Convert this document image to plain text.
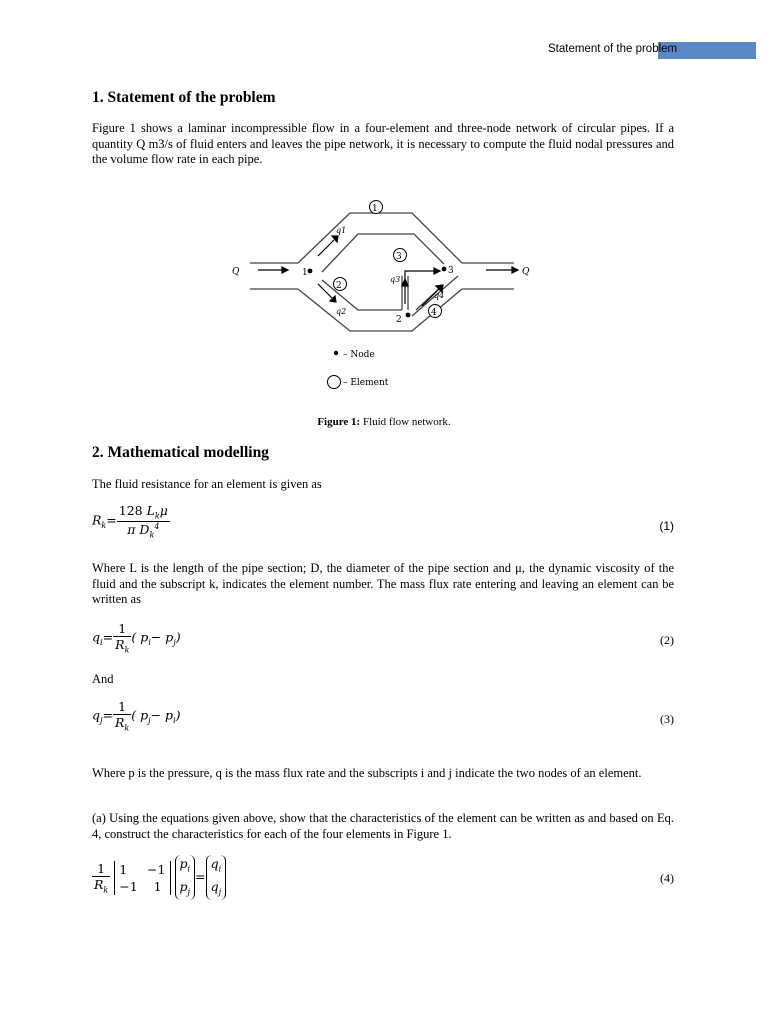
Statement of the problem
1. Statement of the problem

Figure 1 shows a laminar incompressible flow in a four-element and three-node network of circular pipes. If a quantity Q m3/s of fluid enters and leaves the pipe network, it is necessary to compute the fluid nodal pressures and the volume flow rate in each pipe.

1
2
3
4
1	3
2
Q	Q
q1
q2
q3
q4
– Node
– Element
Figure 1: Fluid flow network.
2. Mathematical modelling

The fluid resistance for an element is given as

$R_k= \frac{128 L_k\mu}{\pi D_k^4}$	(1)

Where L is the length of the pipe section; D, the diameter of the pipe section and μ, the dynamic viscosity of the fluid and the subscript k, indicates the element number. The mass flux rate entering and leaving an element can be written as

$q_i= \frac{1}{R_k}$ ( $p_i- p_j$)	(2)

And

$q_j= \frac{1}{R_k}$ ( $p_j- p_i$)	(3)

Where p is the pressure, q is the mass flux rate and the subscripts i and j indicate the two nodes of an element.

(a) Using the equations given above, show that the characteristics of the element can be written as and based on Eq. 4, construct the characteristics for each of the four elements in Figure 1.

$\frac{1}{R_k} 1$     −1
−1    1 $p_i$
$p_j=q_i$
$q_j$
(4)
